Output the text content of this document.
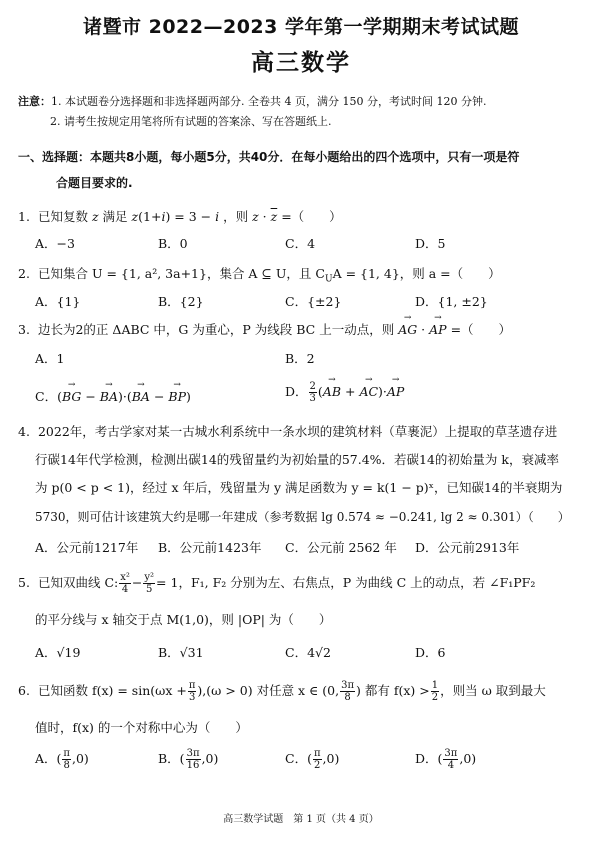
诸暨市 2022—2023 学年第一学期期末考试试题
高三数学
注意：1. 本试题卷分选择题和非选择题两部分. 全卷共 4 页，满分 150 分，考试时间 120 分钟.
2. 请考生按规定用笔将所有试题的答案涂、写在答题纸上.
一、选择题：本题共8小题，每小题5分，共40分．在每小题给出的四个选项中，只有一项是符
合题目要求的.
1. 已知复数 z 满足 z(1+i) = 3 − i ，则 $z \cdot \overline{z}$ =（　　）
A．−3	B．0	C．4	D．5
2. 已知集合 U = {1, a², 3a+1}，集合 A ⊆ U，且 $C_UA = \{1$, 4}，则 a =（　　）
A．{1}	B．{2}	C．{±2}	D．{1, ±2}
3. 边长为2的正 ΔABC 中，G 为重心，P 为线段 BC 上一动点，则 → AG · → AP =（　　）
A．1	B．2
C．(→ BG − → BA)·(→ BA − → BP)	D． $\frac{2}{3}$ (→ AB + → AC)·→ AP
4. 2022年，考古学家对某一古城水利系统中一条水坝的建筑材料（草裹泥）上提取的草茎遗存进
行碳14年代学检测，检测出碳14的残留量约为初始量的57.4%．若碳14的初始量为 k，衰减率
为 p(0 < p < 1)，经过 x 年后，残留量为 y 满足函数为 y = k(1 − p)ˣ，已知碳14的半衰期为
5730，则可估计该建筑大约是哪一年建成（参考数据 lg 0.574 ≈ −0.241, lg 2 ≈ 0.301）（　　）
A．公元前1217年 B．公元前1423年 C．公元前 2562 年 D．公元前2913年
5. 已知双曲线 C: $\frac{\text{x²}}{4} - \frac{\text{y²}}{5} = 1$，F₁, F₂ 分别为左、右焦点，P 为曲线 C 上的动点，若 ∠F₁PF₂
的平分线与 x 轴交于点 M(1,0)，则 |OP| 为（　　）
A．√19	B．√31	C．4√2	D．6
6. 已知函数 $f(x) = \sin(\omega x + \frac{\pi}{3} ),(\omega > 0)$ 对任意 x ∈ (0, $\frac{3\pi}{8}$ ) 都有 $f(x) > \frac{1}{2}$ ，则当 ω 取到最大
值时，f(x) 的一个对称中心为（　　）
A．( $\frac{\pi}{8} ,0$)	B．( $\frac{3\pi}{16} ,0$)	C．( $\frac{\pi}{2} ,0$)	D．( $\frac{3\pi}{4} ,0$)
高三数学试题　第 1 页（共 4 页）
